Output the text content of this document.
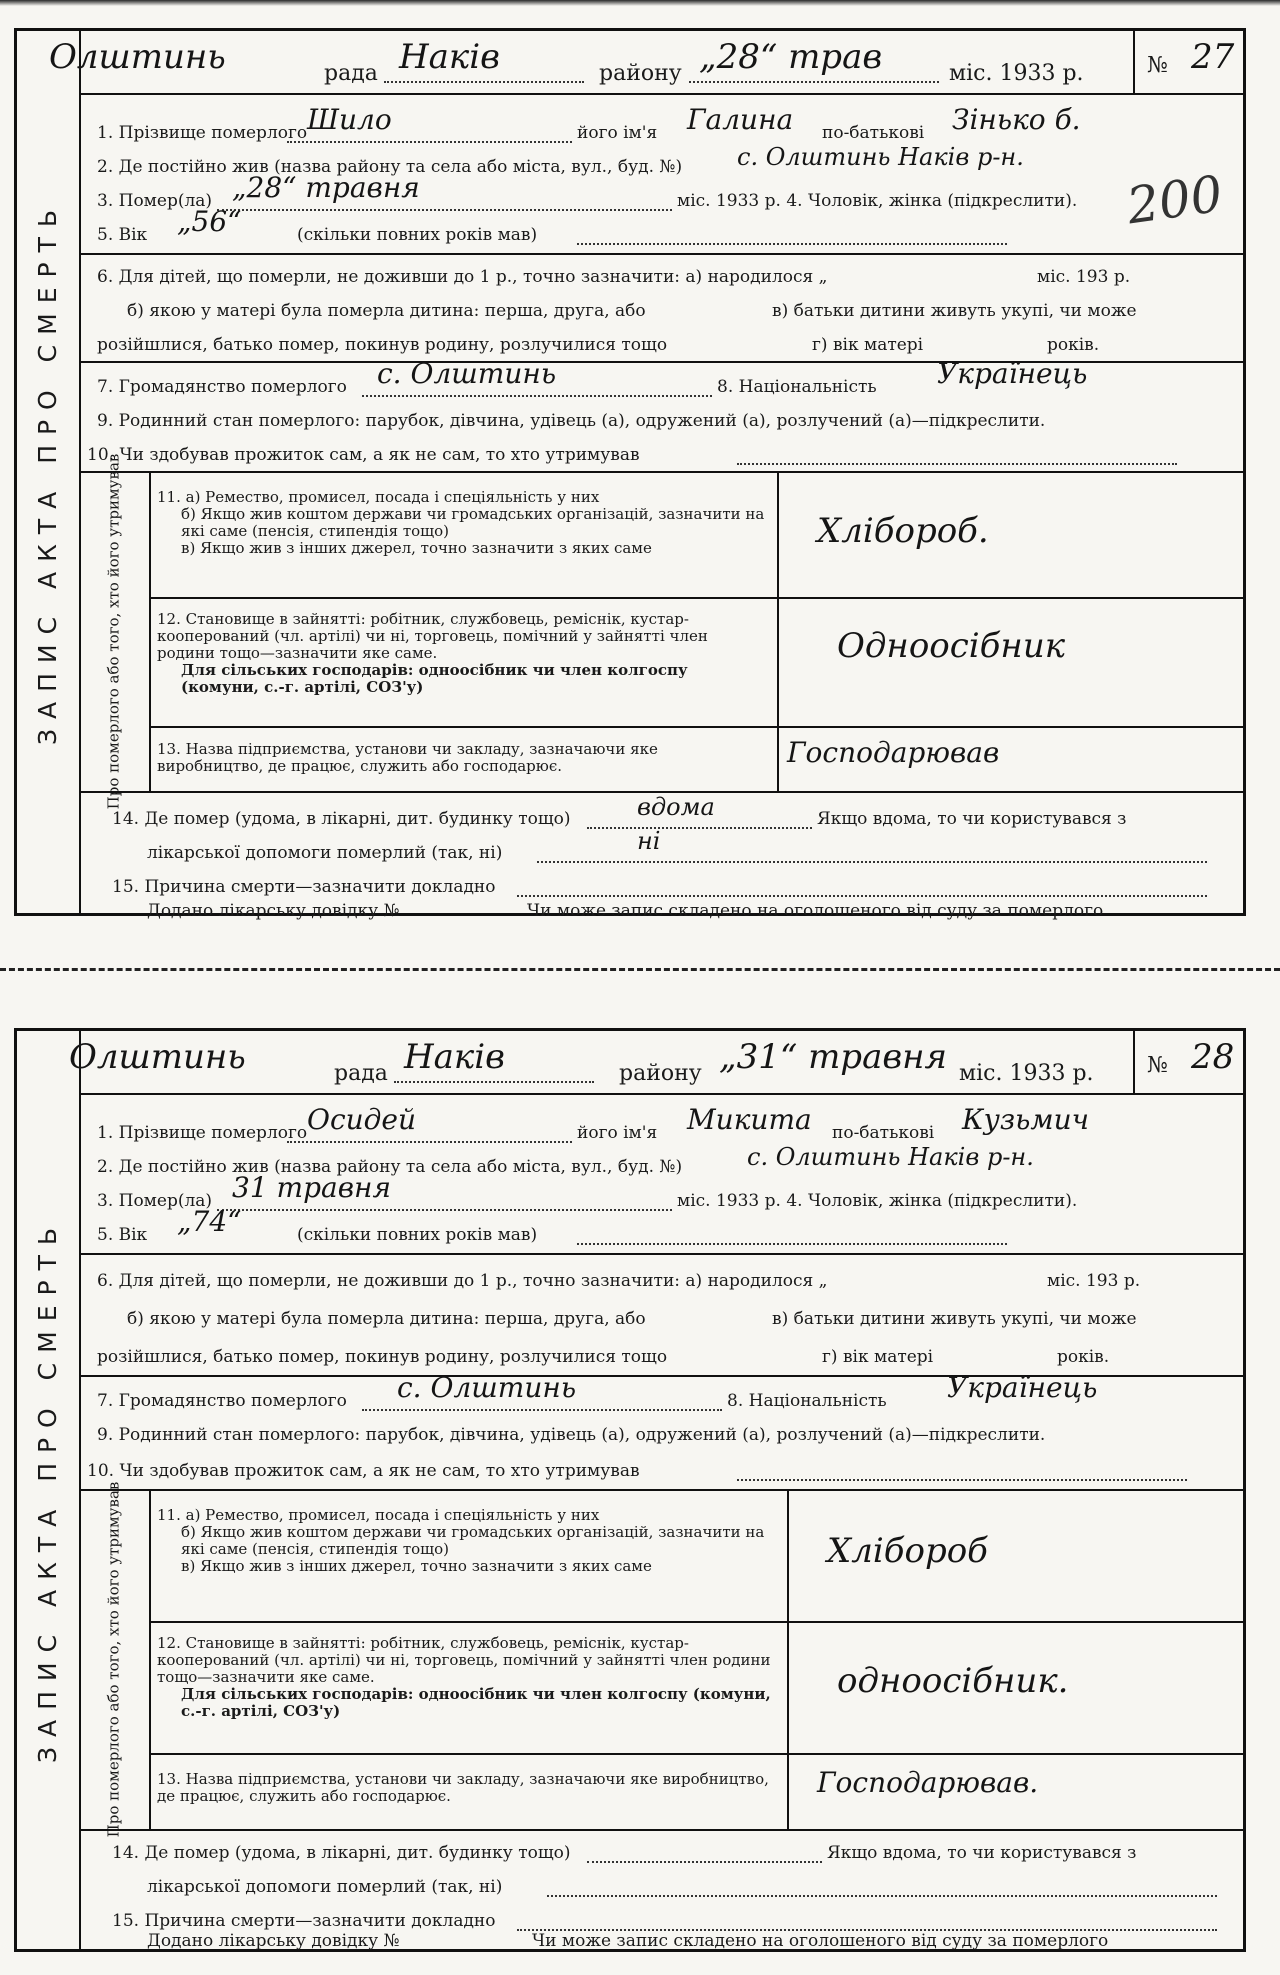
ЗАПИС АКТА ПРО СМЕРТЬ
Олштинь	рада Наків	району „28“ трав	міс. 1933 р.	№ 27
1. Прізвище померлого Шило	його ім'я Галина по-батькові Зінько б.
2. Де постійно жив (назва району та села або міста, вул., буд. №) с. Олштинь Наків р-н.
3. Помер(ла) „28“ травня	міс. 1933 р. 4. Чоловік, жінка (підкреслити).
5. Вік „56“	(скільки повних років мав)	200
6. Для дітей, що померли, не доживши до 1 р., точно зазначити: а) народилося „	міс. 193 р.
б) якою у матері була померла дитина: перша, друга, або	в) батьки дитини живуть укупі, чи може
розійшлися, батько помер, покинув родину, розлучилися тощо	г) вік матері	років.
7. Громадянство померлого с. Олштинь	8. Національність Українець
9. Родинний стан померлого: парубок, дівчина, удівець (а), одружений (а), розлучений (а)—підкреслити.
10. Чи здобував прожиток сам, а як не сам, то хто утримував
Про померлого або того, хто його утримував 11. а) Ремество, промисел, посада і спеціяльність у них
б) Якщо жив коштом держави чи громадських організацій, зазначити на які саме (пенсія, стипендія тощо)
в) Якщо жив з інших джерел, точно зазначити з яких саме	Хлібороб.
12. Становище в зайнятті: робітник, службовець, реміснік, кустар-кооперований (чл. артілі) чи ні, торговець, помічний у зайнятті член родини тощо—зазначити яке саме.
Для сільських господарів: одноосібник чи член колгоспу (комуни, с.-г. артілі, СОЗ'у)
Одноосібник
13. Назва підприємства, установи чи закладу, зазначаючи яке виробництво, де працює, служить або господарює.	Господарював
14. Де помер (удома, в лікарні, дит. будинку тощо)	вдома	Якщо вдома, то чи користувався з
лікарської допомоги померлий (так, ні)	ні
15. Причина смерти—зазначити докладно
Додано лікарську довідку №	Чи може запис складено на оголошеного від суду за померлого
ЗАПИС АКТА ПРО СМЕРТЬ
Олштинь	рада Наків	району „31“ травня міс. 1933 р. № 28
1. Прізвище померлого Осидей	його ім'я Микита по-батькові Кузьмич
2. Де постійно жив (назва району та села або міста, вул., буд. №)	с. Олштинь Наків р-н.
3. Помер(ла) 31 травня	міс. 1933 р. 4. Чоловік, жінка (підкреслити).
5. Вік „74“	(скільки повних років мав)
6. Для дітей, що померли, не доживши до 1 р., точно зазначити: а) народилося „	міс. 193 р.
б) якою у матері була померла дитина: перша, друга, або	в) батьки дитини живуть укупі, чи може
розійшлися, батько помер, покинув родину, розлучилися тощо	г) вік матері	років.
7. Громадянство померлого с. Олштинь	8. Національність Українець
9. Родинний стан померлого: парубок, дівчина, удівець (а), одружений (а), розлучений (а)—підкреслити.
10. Чи здобував прожиток сам, а як не сам, то хто утримував
Про померлого або того, хто його утримував 11. а) Ремество, промисел, посада і спеціяльність у них
б) Якщо жив коштом держави чи громадських організацій, зазначити на які саме (пенсія, стипендія тощо)
в) Якщо жив з інших джерел, точно зазначити з яких саме	Хлібороб
12. Становище в зайнятті: робітник, службовець, реміснік, кустар-кооперований (чл. артілі) чи ні, торговець, помічний у зайнятті член родини тощо—зазначити яке саме.
Для сільських господарів: одноосібник чи член колгоспу (комуни, с.-г. артілі, СОЗ'у)
одноосібник.
13. Назва підприємства, установи чи закладу, зазначаючи яке виробництво, де працює, служить або господарює.	Господарював.
14. Де помер (удома, в лікарні, дит. будинку тощо)	Якщо вдома, то чи користувався з
лікарської допомоги померлий (так, ні)
15. Причина смерти—зазначити докладно
Додано лікарську довідку №	Чи може запис складено на оголошеного від суду за померлого
